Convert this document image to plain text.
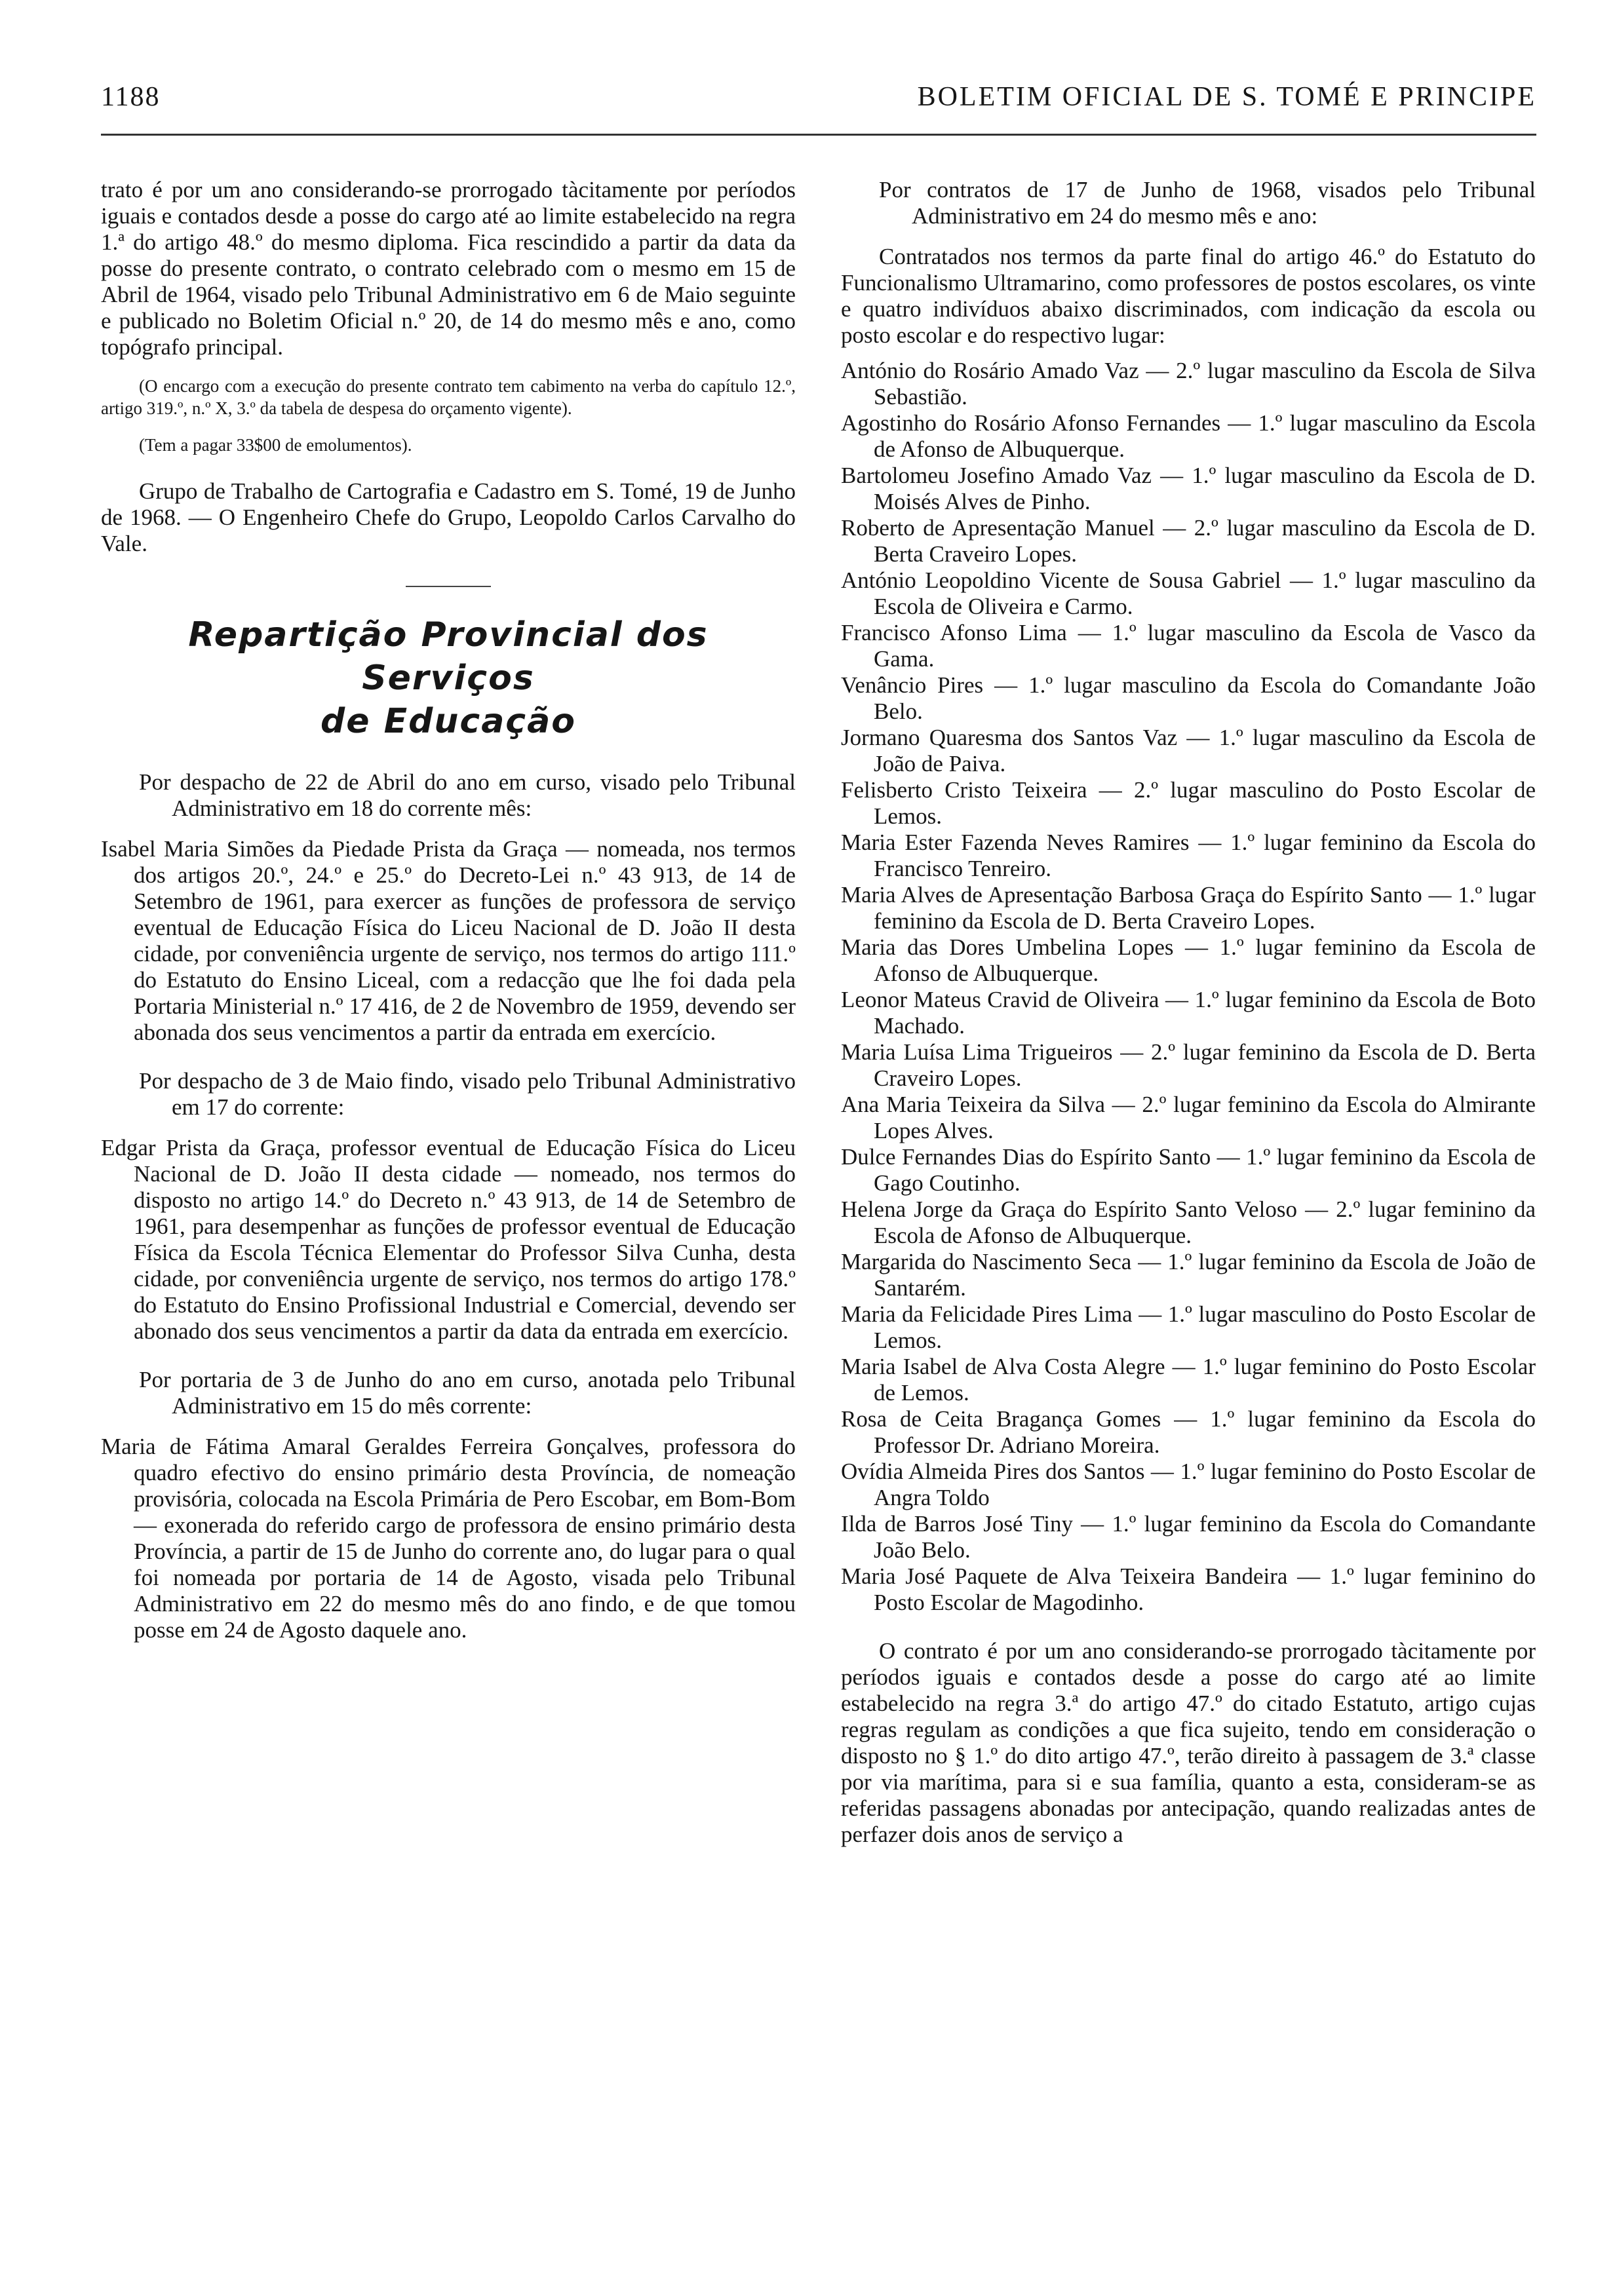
1188	BOLETIM OFICIAL DE S. TOMÉ E PRINCIPE

trato é por um ano considerando-se prorrogado tàcitamente por períodos iguais e contados desde a posse do cargo até ao limite estabelecido na regra 1.ª do artigo 48.º do mesmo diploma. Fica rescindido a partir da data da posse do presente contrato, o contrato celebrado com o mesmo em 15 de Abril de 1964, visado pelo Tribunal Administrativo em 6 de Maio seguinte e publicado no Boletim Oficial n.º 20, de 14 do mesmo mês e ano, como topógrafo principal.

(O encargo com a execução do presente contrato tem cabimento na verba do capítulo 12.º, artigo 319.º, n.º X, 3.º da tabela de despesa do orçamento vigente).

(Tem a pagar 33$00 de emolumentos).

Grupo de Trabalho de Cartografia e Cadastro em S. Tomé, 19 de Junho de 1968. — O Engenheiro Chefe do Grupo, Leopoldo Carlos Carvalho do Vale.

Repartição Provincial dos Serviços
de Educação

Por despacho de 22 de Abril do ano em curso, visado pelo Tribunal Administrativo em 18 do corrente mês:

Isabel Maria Simões da Piedade Prista da Graça — nomeada, nos termos dos artigos 20.º, 24.º e 25.º do Decreto-Lei n.º 43 913, de 14 de Setembro de 1961, para exercer as funções de professora de serviço eventual de Educação Física do Liceu Nacional de D. João II desta cidade, por conveniência urgente de serviço, nos termos do artigo 111.º do Estatuto do Ensino Liceal, com a redacção que lhe foi dada pela Portaria Ministerial n.º 17 416, de 2 de Novembro de 1959, devendo ser abonada dos seus vencimentos a partir da entrada em exercício.

Por despacho de 3 de Maio findo, visado pelo Tribunal Administrativo em 17 do corrente:

Edgar Prista da Graça, professor eventual de Educação Física do Liceu Nacional de D. João II desta cidade — nomeado, nos termos do disposto no artigo 14.º do Decreto n.º 43 913, de 14 de Setembro de 1961, para desempenhar as funções de professor eventual de Educação Física da Escola Técnica Elementar do Professor Silva Cunha, desta cidade, por conveniência urgente de serviço, nos termos do artigo 178.º do Estatuto do Ensino Profissional Industrial e Comercial, devendo ser abonado dos seus vencimentos a partir da data da entrada em exercício.

Por portaria de 3 de Junho do ano em curso, anotada pelo Tribunal Administrativo em 15 do mês corrente:

Maria de Fátima Amaral Geraldes Ferreira Gonçalves, professora do quadro efectivo do ensino primário desta Província, de nomeação provisória, colocada na Escola Primária de Pero Escobar, em Bom-Bom — exonerada do referido cargo de professora de ensino primário desta Província, a partir de 15 de Junho do corrente ano, do lugar para o qual foi nomeada por portaria de 14 de Agosto, visada pelo Tribunal Administrativo em 22 do mesmo mês do ano findo, e de que tomou posse em 24 de Agosto daquele ano.

Por contratos de 17 de Junho de 1968, visados pelo Tribunal Administrativo em 24 do mesmo mês e ano:

Contratados nos termos da parte final do artigo 46.º do Estatuto do Funcionalismo Ultramarino, como professores de postos escolares, os vinte e quatro indivíduos abaixo discriminados, com indicação da escola ou posto escolar e do respectivo lugar:

António do Rosário Amado Vaz — 2.º lugar masculino da Escola de Silva Sebastião.

Agostinho do Rosário Afonso Fernandes — 1.º lugar masculino da Escola de Afonso de Albuquerque.

Bartolomeu Josefino Amado Vaz — 1.º lugar masculino da Escola de D. Moisés Alves de Pinho.

Roberto de Apresentação Manuel — 2.º lugar masculino da Escola de D. Berta Craveiro Lopes.

António Leopoldino Vicente de Sousa Gabriel — 1.º lugar masculino da Escola de Oliveira e Carmo.

Francisco Afonso Lima — 1.º lugar masculino da Escola de Vasco da Gama.

Venâncio Pires — 1.º lugar masculino da Escola do Comandante João Belo.

Jormano Quaresma dos Santos Vaz — 1.º lugar masculino da Escola de João de Paiva.

Felisberto Cristo Teixeira — 2.º lugar masculino do Posto Escolar de Lemos.

Maria Ester Fazenda Neves Ramires — 1.º lugar feminino da Escola do Francisco Tenreiro.

Maria Alves de Apresentação Barbosa Graça do Espírito Santo — 1.º lugar feminino da Escola de D. Berta Craveiro Lopes.

Maria das Dores Umbelina Lopes — 1.º lugar feminino da Escola de Afonso de Albuquerque.

Leonor Mateus Cravid de Oliveira — 1.º lugar feminino da Escola de Boto Machado.

Maria Luísa Lima Trigueiros — 2.º lugar feminino da Escola de D. Berta Craveiro Lopes.

Ana Maria Teixeira da Silva — 2.º lugar feminino da Escola do Almirante Lopes Alves.

Dulce Fernandes Dias do Espírito Santo — 1.º lugar feminino da Escola de Gago Coutinho.

Helena Jorge da Graça do Espírito Santo Veloso — 2.º lugar feminino da Escola de Afonso de Albuquerque.

Margarida do Nascimento Seca — 1.º lugar feminino da Escola de João de Santarém.

Maria da Felicidade Pires Lima — 1.º lugar masculino do Posto Escolar de Lemos.

Maria Isabel de Alva Costa Alegre — 1.º lugar feminino do Posto Escolar de Lemos.

Rosa de Ceita Bragança Gomes — 1.º lugar feminino da Escola do Professor Dr. Adriano Moreira.

Ovídia Almeida Pires dos Santos — 1.º lugar feminino do Posto Escolar de Angra Toldo

Ilda de Barros José Tiny — 1.º lugar feminino da Escola do Comandante João Belo.

Maria José Paquete de Alva Teixeira Bandeira — 1.º lugar feminino do Posto Escolar de Magodinho.

O contrato é por um ano considerando-se prorrogado tàcitamente por períodos iguais e contados desde a posse do cargo até ao limite estabelecido na regra 3.ª do artigo 47.º do citado Estatuto, artigo cujas regras regulam as condições a que fica sujeito, tendo em consideração o disposto no § 1.º do dito artigo 47.º, terão direito à passagem de 3.ª classe por via marítima, para si e sua família, quanto a esta, consideram-se as referidas passagens abonadas por antecipação, quando realizadas antes de perfazer dois anos de serviço a
